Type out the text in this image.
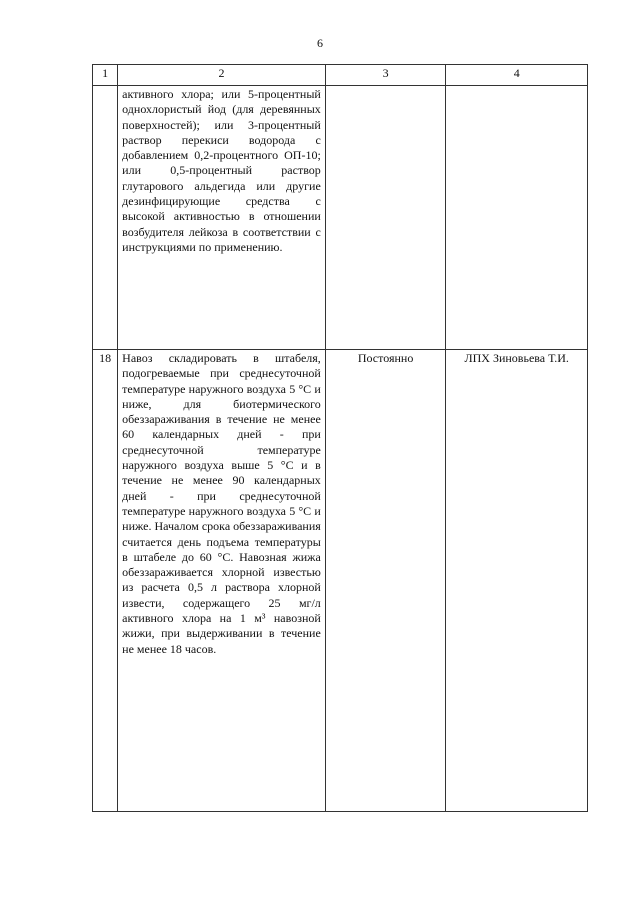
6
1	2	3	4
	активного хлора; или 5-процентный однохлористый йод (для деревянных поверхностей); или 3-процентный раствор перекиси водорода с добавлением 0,2-процентного ОП-10; или 0,5-процентный раствор глутарового альдегида или другие дезинфицирующие средства с высокой активностью в отношении возбудителя лейкоза в соответствии с инструкциями по применению.		
18	Навоз складировать в штабеля, подогреваемые при среднесуточной температуре наружного воздуха 5 °С и ниже, для биотермического обеззараживания в течение не менее 60 календарных дней - при среднесуточной температуре наружного воздуха выше 5 °С и в течение не менее 90 календарных дней - при среднесуточной температуре наружного воздуха 5 °С и ниже. Началом срока обеззараживания считается день подъема температуры в штабеле до 60 °С. Навозная жижа обеззараживается хлорной известью из расчета 0,5 л раствора хлорной извести, содержащего 25 мг/л активного хлора на 1 м³ навозной жижи, при выдерживании в течение не менее 18 часов.	Постоянно	ЛПХ Зиновьева Т.И.
